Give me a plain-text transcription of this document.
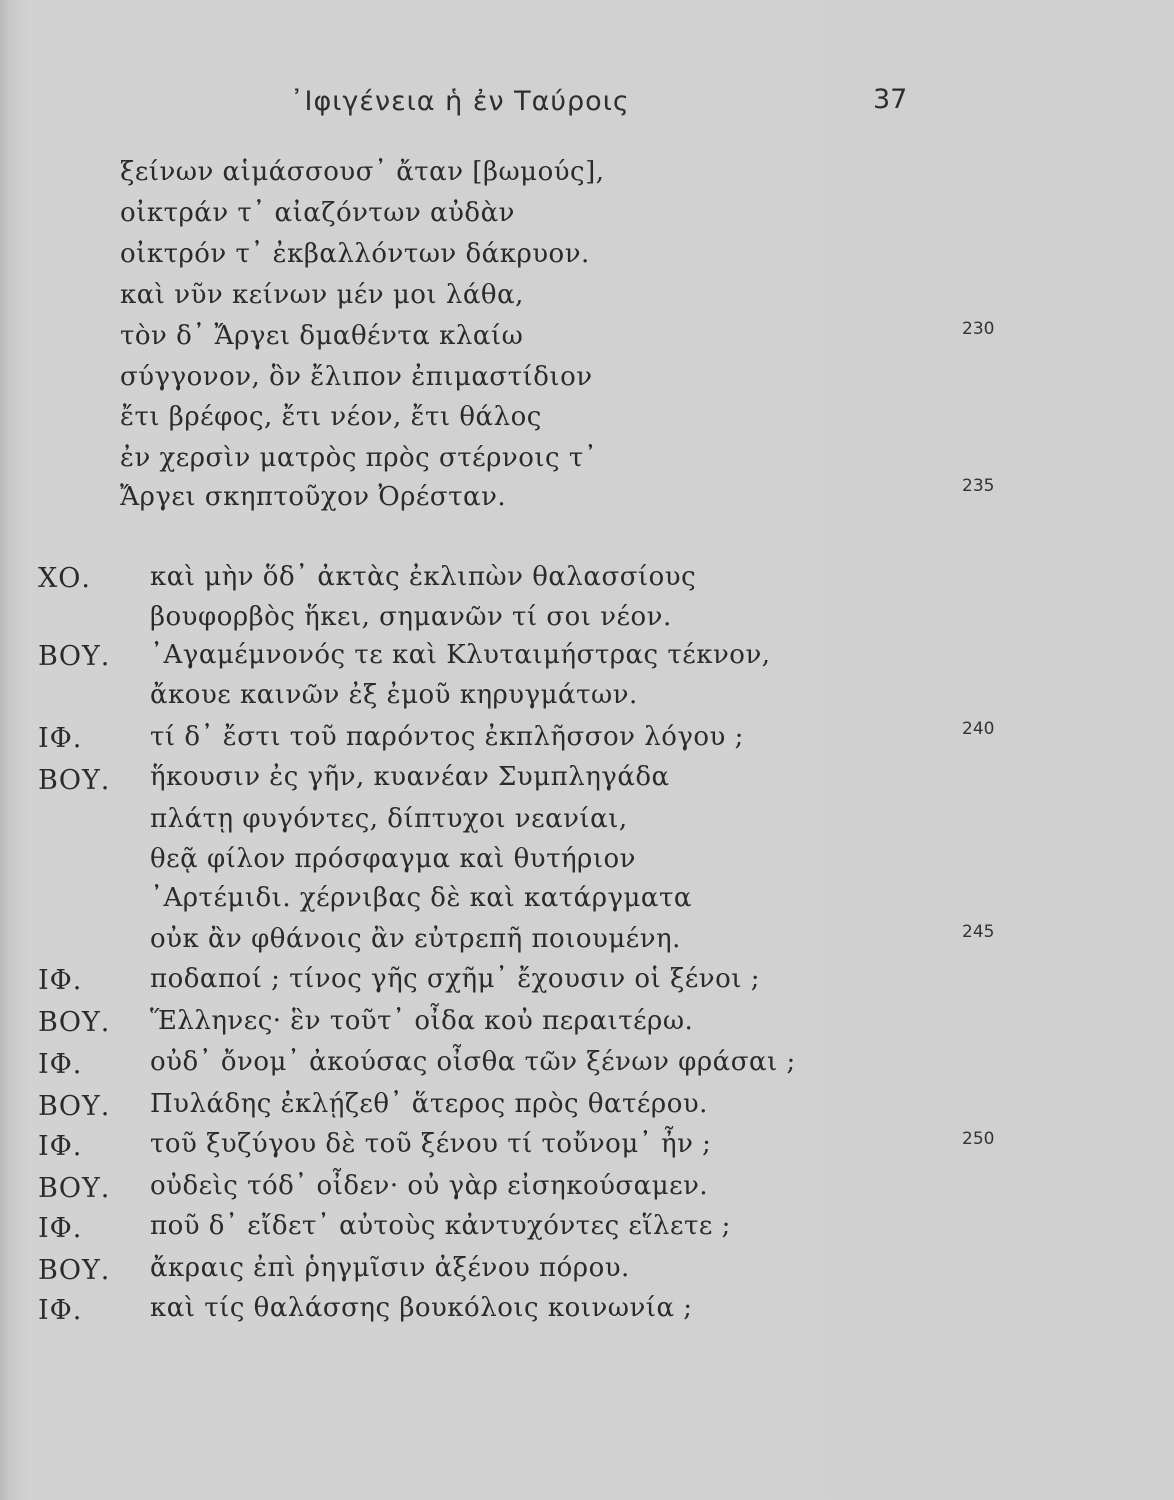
᾿Ιφιγένεια ἡ ἐν Ταύροις	37
ξείνων αἱμάσσουσ᾽ ἄταν [βωμούς],
οἰκτράν τ᾽ αἰαζόντων αὐδὰν
οἰκτρόν τ᾽ ἐκβαλλόντων δάκρυον.
καὶ νῦν κείνων μέν μοι λάθα,
τὸν δ᾽ Ἄργει δμαθέντα κλαίω	230
σύγγονον, ὃν ἔλιπον ἐπιμαστίδιον
ἔτι βρέφος, ἔτι νέον, ἔτι θάλος
ἐν χερσὶν ματρὸς πρὸς στέρνοις τ᾽
Ἄργει σκηπτοῦχον Ὀρέσταν.	235
ΧΟ. καὶ μὴν ὅδ᾽ ἀκτὰς ἐκλιπὼν θαλασσίους
βουφορβὸς ἥκει, σημανῶν τί σοι νέον.
ΒΟΥ. ᾿Αγαμέμνονός τε καὶ Κλυταιμήστρας τέκνον,
ἄκουε καινῶν ἐξ ἐμοῦ κηρυγμάτων.
ΙΦ.	τί δ᾽ ἔστι τοῦ παρόντος ἐκπλῆσσον λόγου ;	240
ΒΟΥ. ἥκουσιν ἐς γῆν, κυανέαν Συμπληγάδα
πλάτῃ φυγόντες, δίπτυχοι νεανίαι,
θεᾷ φίλον πρόσφαγμα καὶ θυτήριον
᾿Αρτέμιδι. χέρνιβας δὲ καὶ κατάργματα
οὐκ ἂν φθάνοις ἂν εὐτρεπῆ ποιουμένη.	245
ΙΦ.	ποδαποί ; τίνος γῆς σχῆμ᾽ ἔχουσιν οἱ ξένοι ;
ΒΟΥ. Ἕλληνες· ἓν τοῦτ᾽ οἶδα κοὐ περαιτέρω.
ΙΦ.	οὐδ᾽ ὄνομ᾽ ἀκούσας οἶσθα τῶν ξένων φράσαι ;
ΒΟΥ. Πυλάδης ἐκλῄζεθ᾽ ἅτερος πρὸς θατέρου.
ΙΦ.	τοῦ ξυζύγου δὲ τοῦ ξένου τί τοὔνομ᾽ ἦν ;	250
ΒΟΥ. οὐδεὶς τόδ᾽ οἶδεν· οὐ γὰρ εἰσηκούσαμεν.
ΙΦ.	ποῦ δ᾽ εἴδετ᾽ αὐτοὺς κἀντυχόντες εἵλετε ;
ΒΟΥ. ἄκραις ἐπὶ ῥηγμῖσιν ἀξένου πόρου.
ΙΦ.	καὶ τίς θαλάσσης βουκόλοις κοινωνία ;
